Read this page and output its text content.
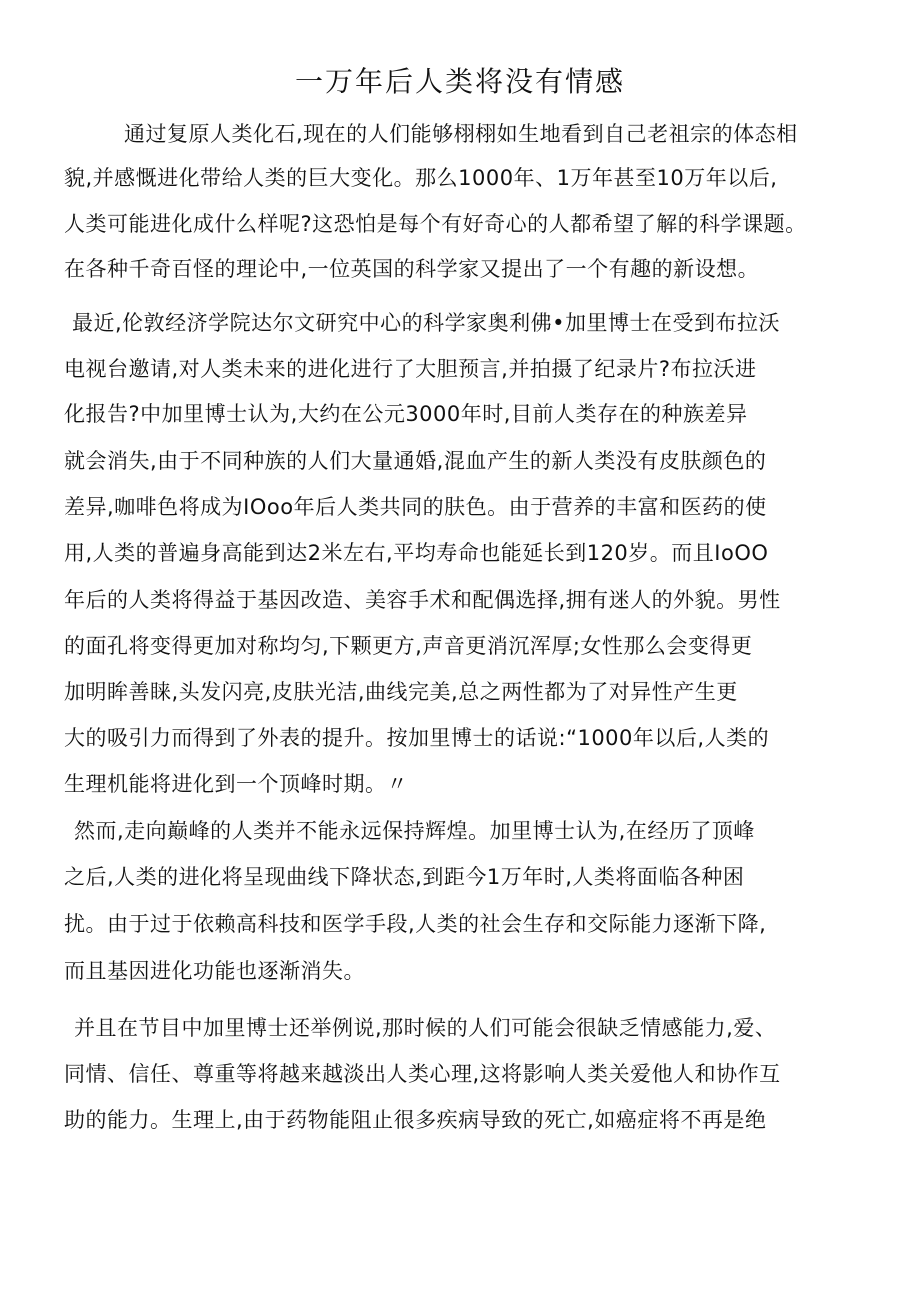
一万年后人类将没有情感
通过复原人类化石,现在的人们能够栩栩如生地看到自己老祖宗的体态相
貌,并感慨进化带给人类的巨大变化。那么1000年、1万年甚至10万年以后,
人类可能进化成什么样呢?这恐怕是每个有好奇心的人都希望了解的科学课题。
在各种千奇百怪的理论中,一位英国的科学家又提出了一个有趣的新设想。
最近,伦敦经济学院达尔文研究中心的科学家奥利佛•加里博士在受到布拉沃
电视台邀请,对人类未来的进化进行了大胆预言,并拍摄了纪录片?布拉沃进
化报告?中加里博士认为,大约在公元3000年时,目前人类存在的种族差异
就会消失,由于不同种族的人们大量通婚,混血产生的新人类没有皮肤颜色的
差异,咖啡色将成为IOoo年后人类共同的肤色。由于营养的丰富和医药的使
用,人类的普遍身高能到达2米左右,平均寿命也能延长到120岁。而且IoOO
年后的人类将得益于基因改造、美容手术和配偶选择,拥有迷人的外貌。男性
的面孔将变得更加对称均匀,下颗更方,声音更消沉浑厚;女性那么会变得更
加明眸善睐,头发闪亮,皮肤光洁,曲线完美,总之两性都为了对异性产生更
大的吸引力而得到了外表的提升。按加里博士的话说:“1000年以后,人类的
生理机能将进化到一个顶峰时期。〃
然而,走向巅峰的人类并不能永远保持辉煌。加里博士认为,在经历了顶峰
之后,人类的进化将呈现曲线下降状态,到距今1万年时,人类将面临各种困
扰。由于过于依赖高科技和医学手段,人类的社会生存和交际能力逐渐下降,
而且基因进化功能也逐渐消失。
并且在节目中加里博士还举例说,那时候的人们可能会很缺乏情感能力,爱、
同情、信任、尊重等将越来越淡出人类心理,这将影响人类关爱他人和协作互
助的能力。生理上,由于药物能阻止很多疾病导致的死亡,如癌症将不再是绝
